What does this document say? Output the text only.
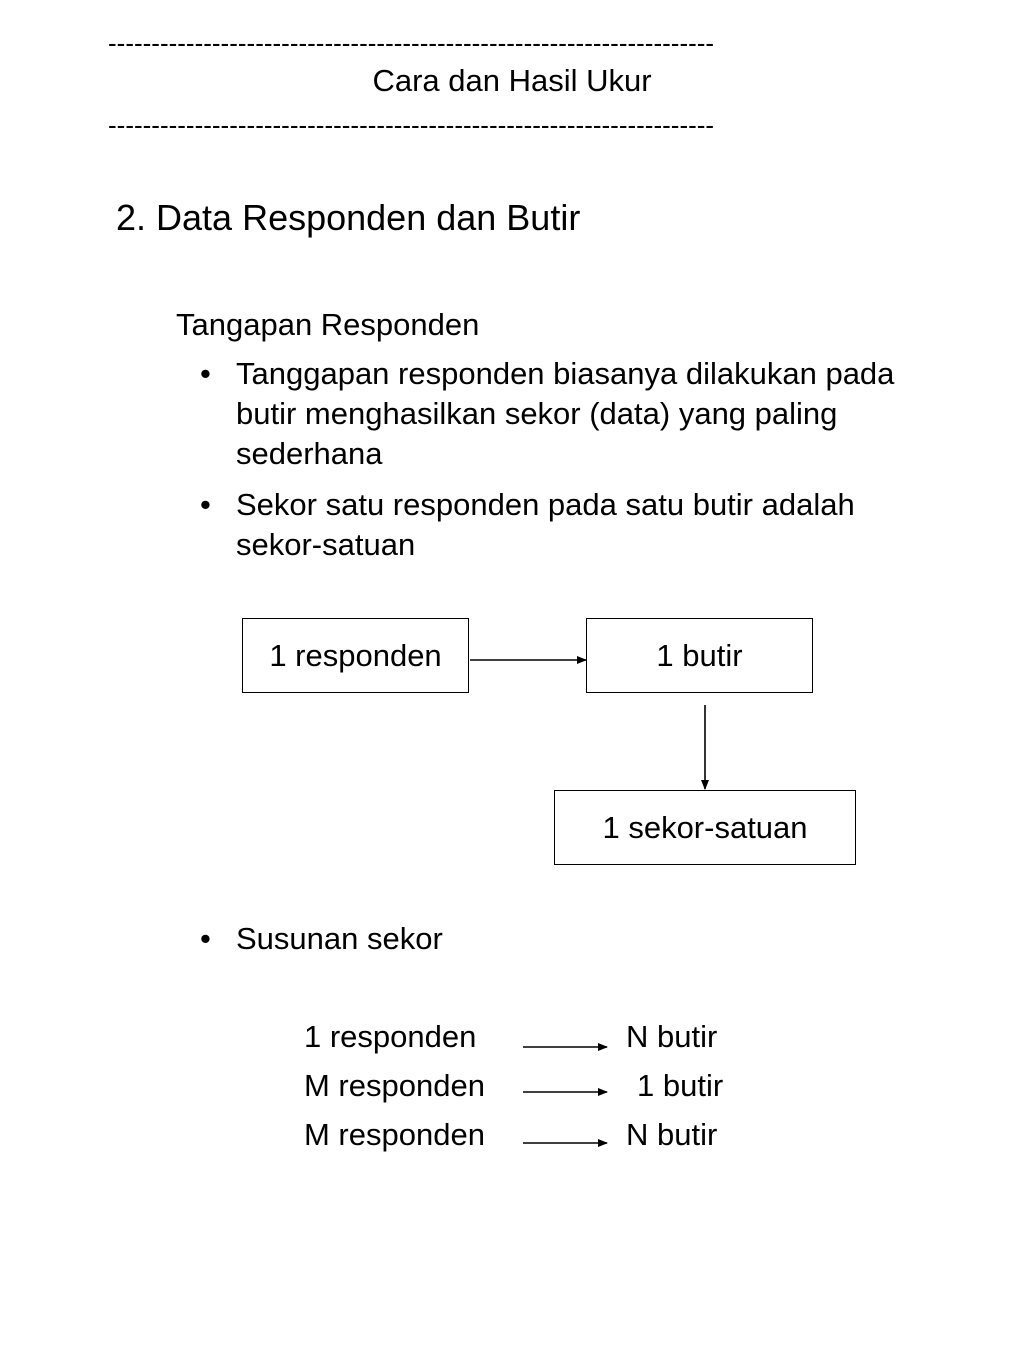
----------------------------------------------------------------------
Cara dan Hasil Ukur
----------------------------------------------------------------------
2. Data Responden dan Butir
Tangapan Responden
• Tanggapan responden biasanya dilakukan pada butir menghasilkan sekor (data) yang paling sederhana
• Sekor satu responden pada satu butir adalah sekor-satuan
1 responden	1 butir
1 sekor-satuan
• Susunan sekor
1 responden	N butir
M responden	1 butir
M responden	N butir
